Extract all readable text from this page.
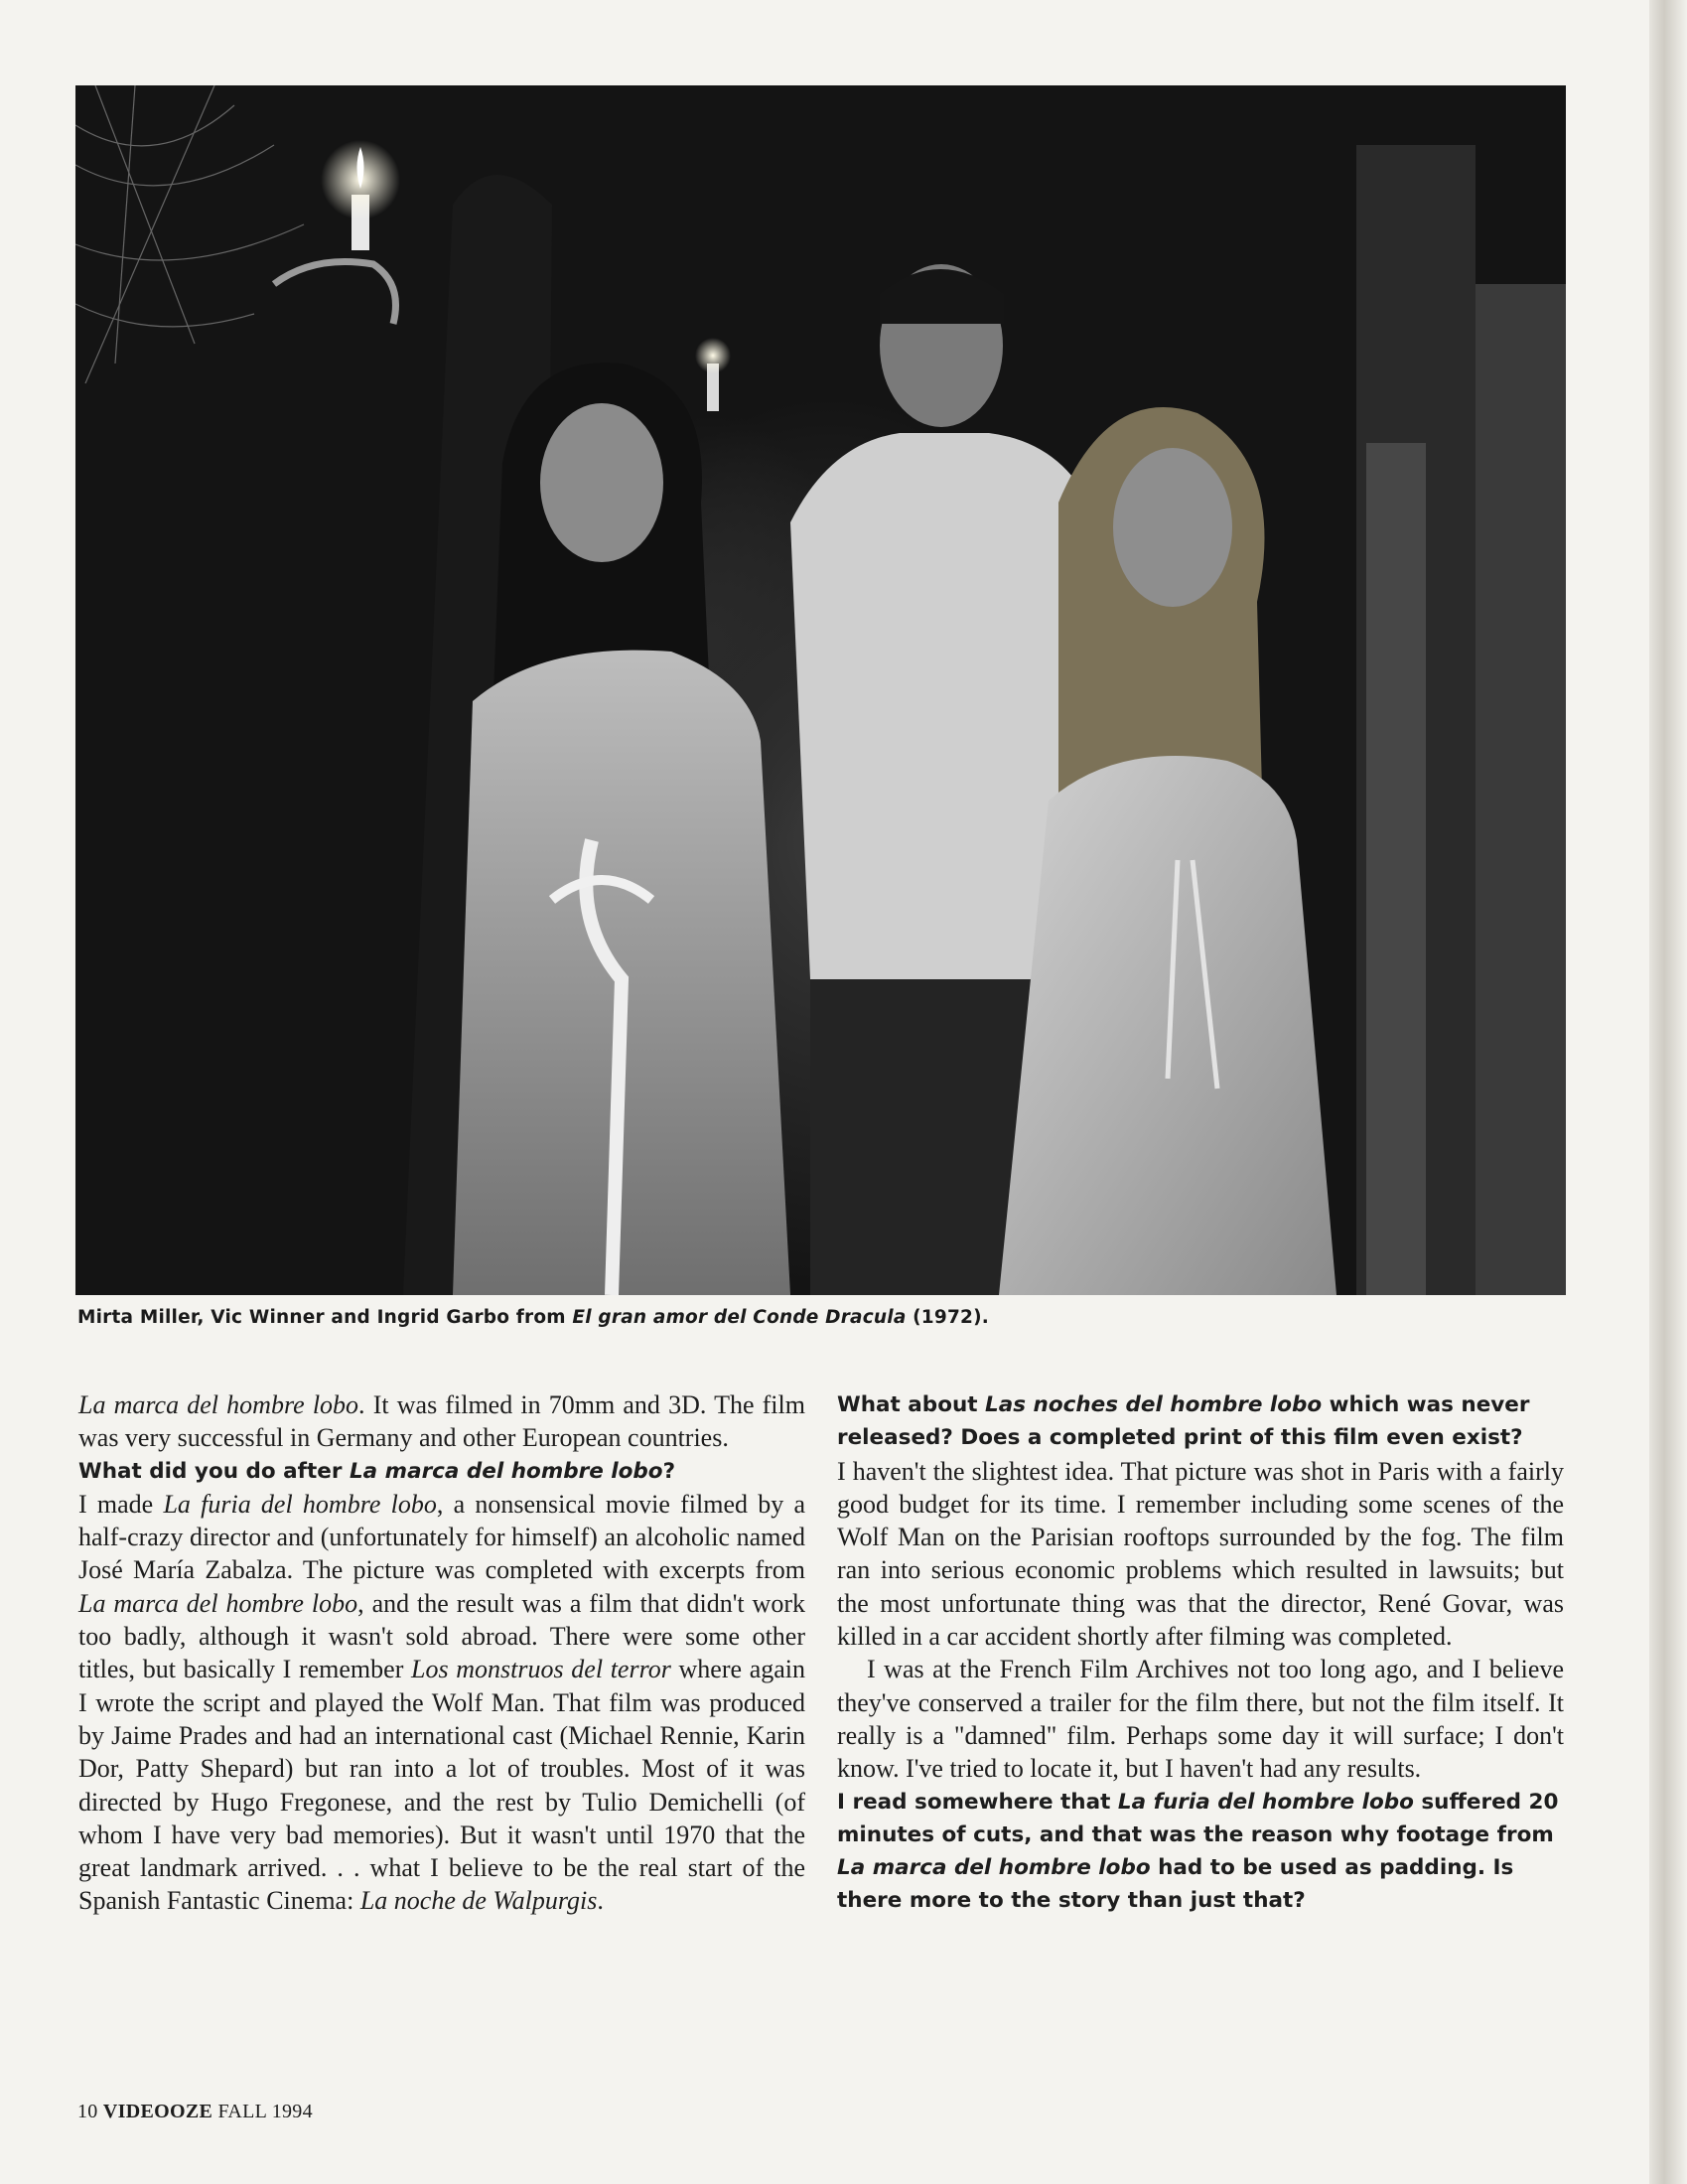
Mirta Miller, Vic Winner and Ingrid Garbo from El gran amor del Conde Dracula (1972).

La marca del hombre lobo. It was filmed in 70mm and 3D. The film was very successful in Germany and other European countries.

What did you do after La marca del hombre lobo?

I made La furia del hombre lobo, a nonsensical movie filmed by a half-crazy director and (unfortunately for himself) an alcoholic named José María Zabalza. The picture was completed with excerpts from La marca del hombre lobo, and the result was a film that didn't work too badly, although it wasn't sold abroad. There were some other titles, but basically I remember Los monstruos del terror where again I wrote the script and played the Wolf Man. That film was produced by Jaime Prades and had an international cast (Michael Rennie, Karin Dor, Patty Shepard) but ran into a lot of troubles. Most of it was directed by Hugo Fregonese, and the rest by Tulio Demichelli (of whom I have very bad memories). But it wasn't until 1970 that the great landmark arrived. . . what I believe to be the real start of the Spanish Fantastic Cinema: La noche de Walpurgis.

What about Las noches del hombre lobo which was never released? Does a completed print of this film even exist?

I haven't the slightest idea. That picture was shot in Paris with a fairly good budget for its time. I remember including some scenes of the Wolf Man on the Parisian rooftops surrounded by the fog. The film ran into serious economic problems which resulted in lawsuits; but the most unfortunate thing was that the director, René Govar, was killed in a car accident shortly after filming was completed.

I was at the French Film Archives not too long ago, and I believe they've conserved a trailer for the film there, but not the film itself. It really is a "damned" film. Perhaps some day it will surface; I don't know. I've tried to locate it, but I haven't had any results.

I read somewhere that La furia del hombre lobo suffered 20 minutes of cuts, and that was the reason why footage from La marca del hombre lobo had to be used as padding. Is there more to the story than just that?

10 VIDEOOZE FALL 1994
